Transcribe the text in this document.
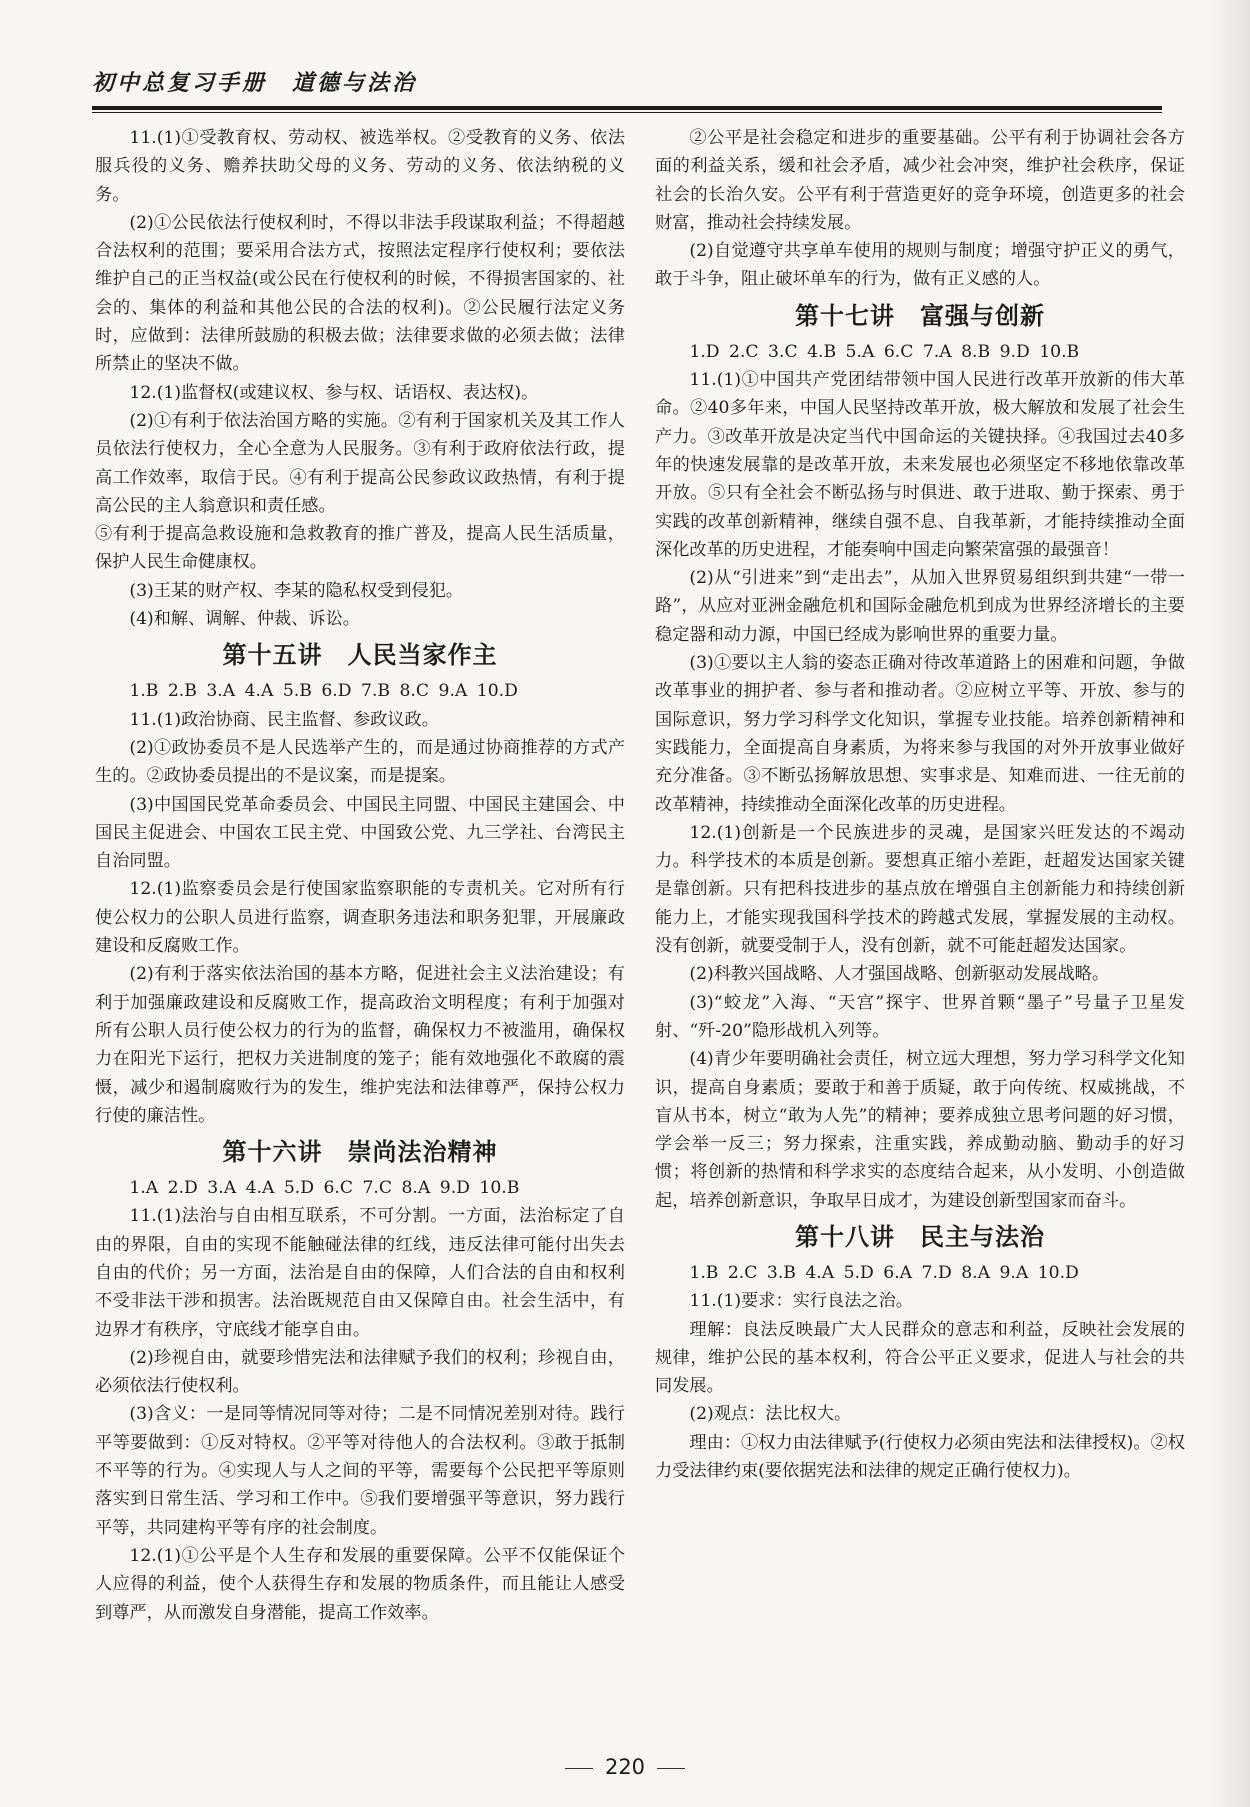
初中总复习手册　道德与法治

11.(1)①受教育权、劳动权、被选举权。②受教育的义务、依法服兵役的义务、赡养扶助父母的义务、劳动的义务、依法纳税的义务。

(2)①公民依法行使权利时，不得以非法手段谋取利益；不得超越合法权利的范围；要采用合法方式，按照法定程序行使权利；要依法维护自己的正当权益(或公民在行使权利的时候，不得损害国家的、社会的、集体的利益和其他公民的合法的权利)。②公民履行法定义务时，应做到：法律所鼓励的积极去做；法律要求做的必须去做；法律所禁止的坚决不做。

12.(1)监督权(或建议权、参与权、话语权、表达权)。

(2)①有利于依法治国方略的实施。②有利于国家机关及其工作人员依法行使权力，全心全意为人民服务。③有利于政府依法行政，提高工作效率，取信于民。④有利于提高公民参政议政热情，有利于提高公民的主人翁意识和责任感。

⑤有利于提高急救设施和急救教育的推广普及，提高人民生活质量，保护人民生命健康权。

(3)王某的财产权、李某的隐私权受到侵犯。

(4)和解、调解、仲裁、诉讼。

第十五讲　人民当家作主

1.B 2.B 3.A 4.A 5.B 6.D 7.B 8.C 9.A 10.D

11.(1)政治协商、民主监督、参政议政。

(2)①政协委员不是人民选举产生的，而是通过协商推荐的方式产生的。②政协委员提出的不是议案，而是提案。

(3)中国国民党革命委员会、中国民主同盟、中国民主建国会、中国民主促进会、中国农工民主党、中国致公党、九三学社、台湾民主自治同盟。

12.(1)监察委员会是行使国家监察职能的专责机关。它对所有行使公权力的公职人员进行监察，调查职务违法和职务犯罪，开展廉政建设和反腐败工作。

(2)有利于落实依法治国的基本方略，促进社会主义法治建设；有利于加强廉政建设和反腐败工作，提高政治文明程度；有利于加强对所有公职人员行使公权力的行为的监督，确保权力不被滥用，确保权力在阳光下运行，把权力关进制度的笼子；能有效地强化不敢腐的震慑，减少和遏制腐败行为的发生，维护宪法和法律尊严，保持公权力行使的廉洁性。

第十六讲　崇尚法治精神

1.A 2.D 3.A 4.A 5.D 6.C 7.C 8.A 9.D 10.B

11.(1)法治与自由相互联系，不可分割。一方面，法治标定了自由的界限，自由的实现不能触碰法律的红线，违反法律可能付出失去自由的代价；另一方面，法治是自由的保障，人们合法的自由和权利不受非法干涉和损害。法治既规范自由又保障自由。社会生活中，有边界才有秩序，守底线才能享自由。

(2)珍视自由，就要珍惜宪法和法律赋予我们的权利；珍视自由，必须依法行使权利。

(3)含义：一是同等情况同等对待；二是不同情况差别对待。践行平等要做到：①反对特权。②平等对待他人的合法权利。③敢于抵制不平等的行为。④实现人与人之间的平等，需要每个公民把平等原则落实到日常生活、学习和工作中。⑤我们要增强平等意识，努力践行平等，共同建构平等有序的社会制度。

12.(1)①公平是个人生存和发展的重要保障。公平不仅能保证个人应得的利益，使个人获得生存和发展的物质条件，而且能让人感受到尊严，从而激发自身潜能，提高工作效率。

②公平是社会稳定和进步的重要基础。公平有利于协调社会各方面的利益关系，缓和社会矛盾，减少社会冲突，维护社会秩序，保证社会的长治久安。公平有利于营造更好的竞争环境，创造更多的社会财富，推动社会持续发展。

(2)自觉遵守共享单车使用的规则与制度；增强守护正义的勇气，敢于斗争，阻止破坏单车的行为，做有正义感的人。

第十七讲　富强与创新

1.D 2.C 3.C 4.B 5.A 6.C 7.A 8.B 9.D 10.B

11.(1)①中国共产党团结带领中国人民进行改革开放新的伟大革命。②40多年来，中国人民坚持改革开放，极大解放和发展了社会生产力。③改革开放是决定当代中国命运的关键抉择。④我国过去40多年的快速发展靠的是改革开放，未来发展也必须坚定不移地依靠改革开放。⑤只有全社会不断弘扬与时俱进、敢于进取、勤于探索、勇于实践的改革创新精神，继续自强不息、自我革新，才能持续推动全面深化改革的历史进程，才能奏响中国走向繁荣富强的最强音！

(2)从“引进来”到“走出去”，从加入世界贸易组织到共建“一带一路”，从应对亚洲金融危机和国际金融危机到成为世界经济增长的主要稳定器和动力源，中国已经成为影响世界的重要力量。

(3)①要以主人翁的姿态正确对待改革道路上的困难和问题，争做改革事业的拥护者、参与者和推动者。②应树立平等、开放、参与的国际意识，努力学习科学文化知识，掌握专业技能。培养创新精神和实践能力，全面提高自身素质，为将来参与我国的对外开放事业做好充分准备。③不断弘扬解放思想、实事求是、知难而进、一往无前的改革精神，持续推动全面深化改革的历史进程。

12.(1)创新是一个民族进步的灵魂，是国家兴旺发达的不竭动力。科学技术的本质是创新。要想真正缩小差距，赶超发达国家关键是靠创新。只有把科技进步的基点放在增强自主创新能力和持续创新能力上，才能实现我国科学技术的跨越式发展，掌握发展的主动权。没有创新，就要受制于人，没有创新，就不可能赶超发达国家。

(2)科教兴国战略、人才强国战略、创新驱动发展战略。

(3)“蛟龙”入海、“天宫”探宇、世界首颗“墨子”号量子卫星发射、“歼-20”隐形战机入列等。

(4)青少年要明确社会责任，树立远大理想，努力学习科学文化知识，提高自身素质；要敢于和善于质疑，敢于向传统、权威挑战，不盲从书本，树立“敢为人先”的精神；要养成独立思考问题的好习惯，学会举一反三；努力探索，注重实践，养成勤动脑、勤动手的好习惯；将创新的热情和科学求实的态度结合起来，从小发明、小创造做起，培养创新意识，争取早日成才，为建设创新型国家而奋斗。

第十八讲　民主与法治

1.B 2.C 3.B 4.A 5.D 6.A 7.D 8.A 9.A 10.D

11.(1)要求：实行良法之治。

理解：良法反映最广大人民群众的意志和利益，反映社会发展的规律，维护公民的基本权利，符合公平正义要求，促进人与社会的共同发展。

(2)观点：法比权大。

理由：①权力由法律赋予(行使权力必须由宪法和法律授权)。②权力受法律约束(要依据宪法和法律的规定正确行使权力)。

220
